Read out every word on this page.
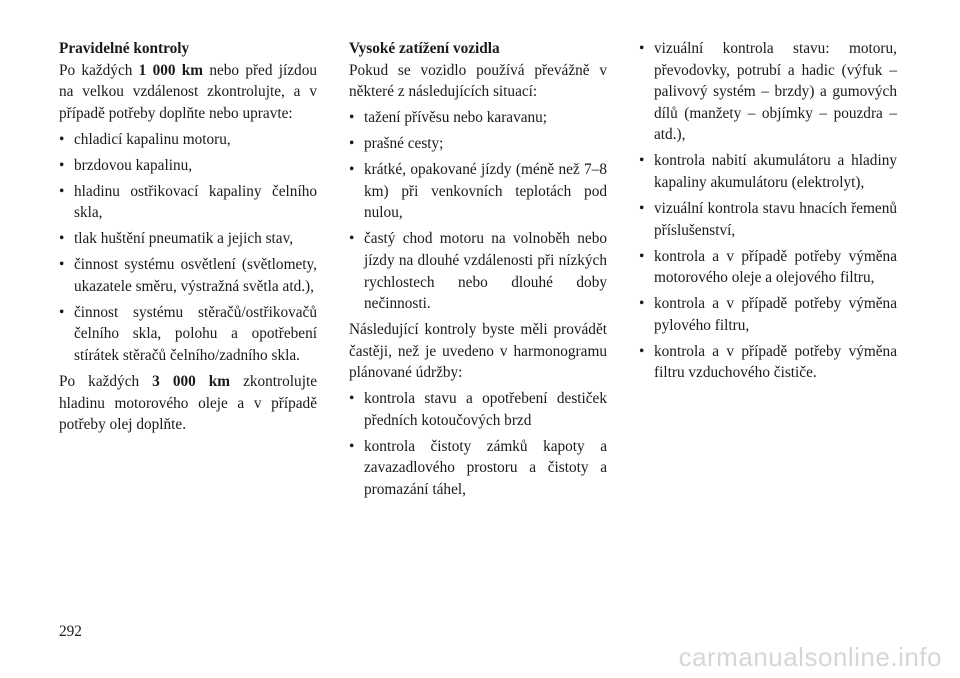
Pravidelné kontroly

Po každých 1 000 km nebo před jízdou na velkou vzdálenost zkontrolujte, a v případě potřeby doplňte nebo upravte:

• chladicí kapalinu motoru,
• brzdovou kapalinu,
• hladinu ostřikovací kapaliny čelního skla,
• tlak huštění pneumatik a jejich stav,
• činnost systému osvětlení (světlomety, ukazatele směru, výstražná světla atd.),
• činnost systému stěračů/ostřikovačů čelního skla, polohu a opotřebení stírátek stěračů čelního/zadního skla.

Po každých 3 000 km zkontrolujte hladinu motorového oleje a v případě potřeby olej doplňte.

Vysoké zatížení vozidla

Pokud se vozidlo používá převážně v některé z následujících situací:

• tažení přívěsu nebo karavanu;
• prašné cesty;
• krátké, opakované jízdy (méně než 7–8 km) při venkovních teplotách pod nulou,
• častý chod motoru na volnoběh nebo jízdy na dlouhé vzdálenosti při nízkých rychlostech nebo dlouhé doby nečinnosti.

Následující kontroly byste měli provádět častěji, než je uvedeno v harmonogramu plánované údržby:

• kontrola stavu a opotřebení destiček předních kotoučových brzd
• kontrola čistoty zámků kapoty a zavazadlového prostoru a čistoty a promazání táhel,
• vizuální kontrola stavu: motoru, převodovky, potrubí a hadic (výfuk – palivový systém – brzdy) a gumových dílů (manžety – objímky – pouzdra – atd.),
• kontrola nabití akumulátoru a hladiny kapaliny akumulátoru (elektrolyt),
• vizuální kontrola stavu hnacích řemenů příslušenství,
• kontrola a v případě potřeby výměna motorového oleje a olejového filtru,
• kontrola a v případě potřeby výměna pylového filtru,
• kontrola a v případě potřeby výměna filtru vzduchového čističe.
292
carmanualsonline.info
